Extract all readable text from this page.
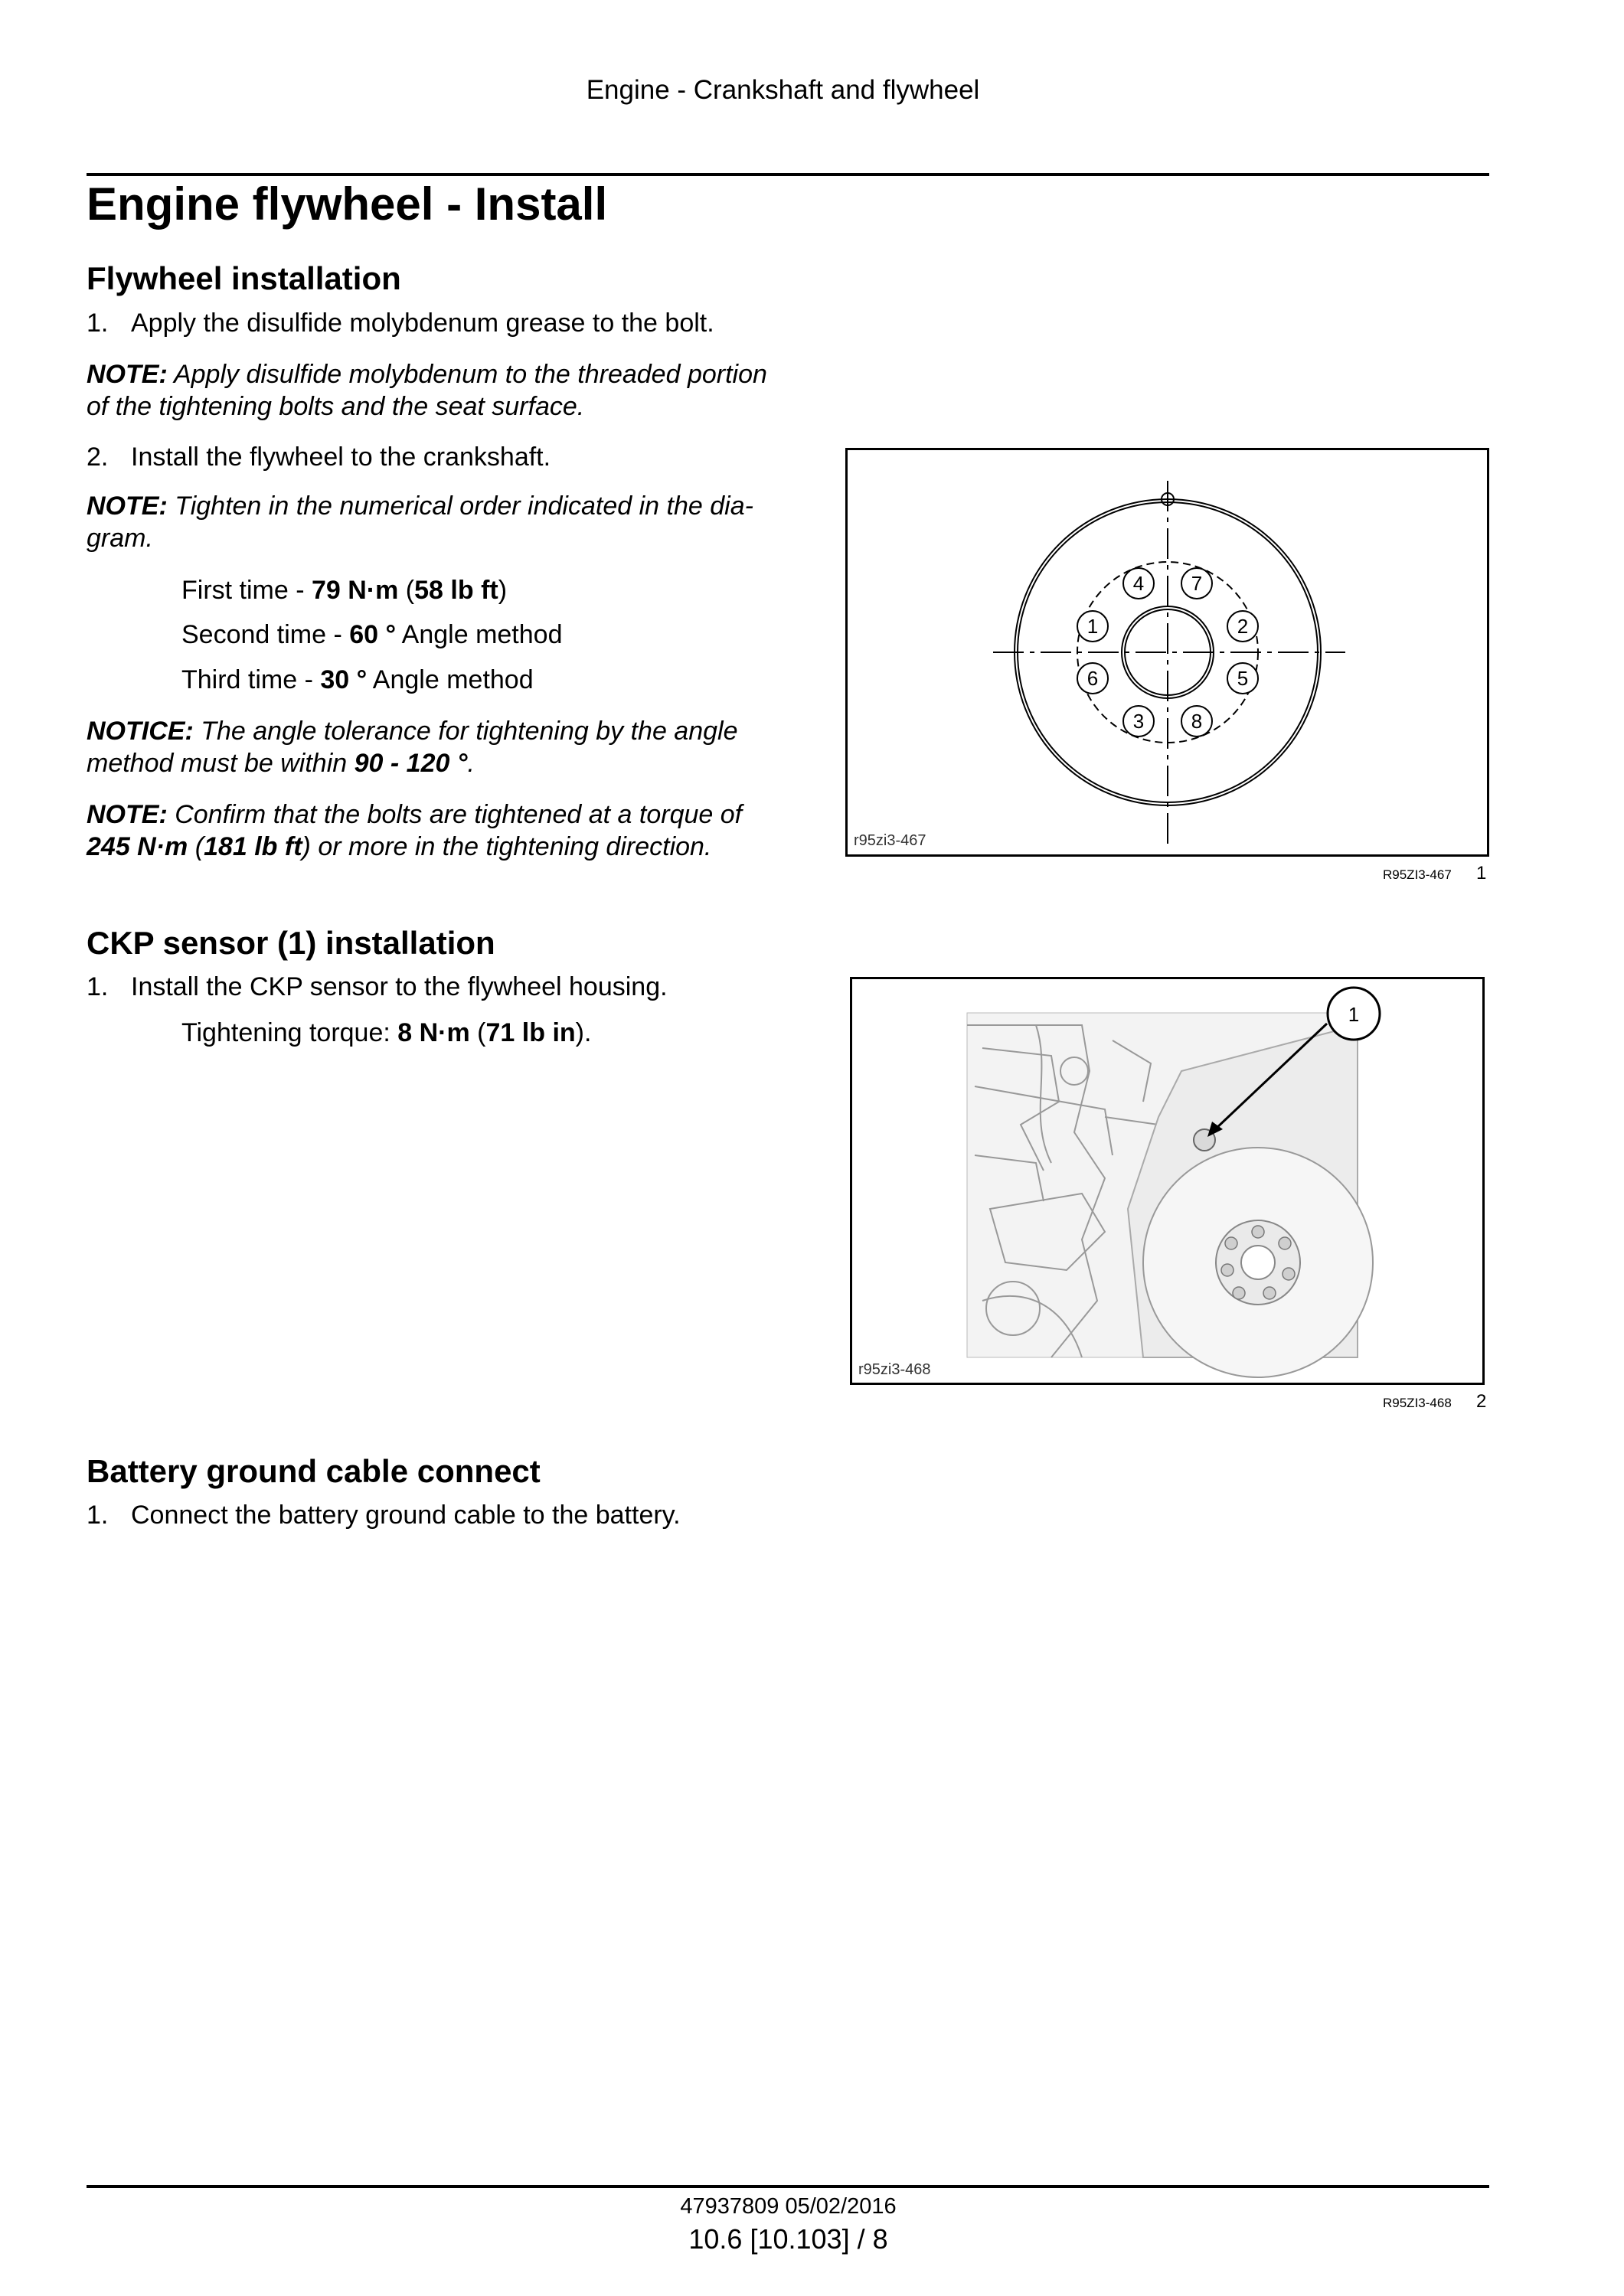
Engine - Crankshaft and flywheel
Engine flywheel - Install
Flywheel installation
1. Apply the disulfide molybdenum grease to the bolt.
NOTE: Apply disulfide molybdenum to the threaded portion of the tightening bolts and the seat surface.
2. Install the flywheel to the crankshaft.
NOTE: Tighten in the numerical order indicated in the dia-
gram.
First time - 79 N·m (58 lb ft)
Second time - 60 ° Angle method
Third time - 30 ° Angle method
NOTICE: The angle tolerance for tightening by the angle method must be within 90 - 120 °.
NOTE: Confirm that the bolts are tightened at a torque of 245 N·m (181 lb ft) or more in the tightening direction.
1	2
3
4
5
6
7
8
r95zi3-467
R95ZI3-467 1
CKP sensor (1) installation
1. Install the CKP sensor to the flywheel housing.
Tightening torque: 8 N·m (71 lb in).
1
r95zi3-468
R95ZI3-468 2
Battery ground cable connect
1. Connect the battery ground cable to the battery.
47937809 05/02/2016
10.6 [10.103] / 8
